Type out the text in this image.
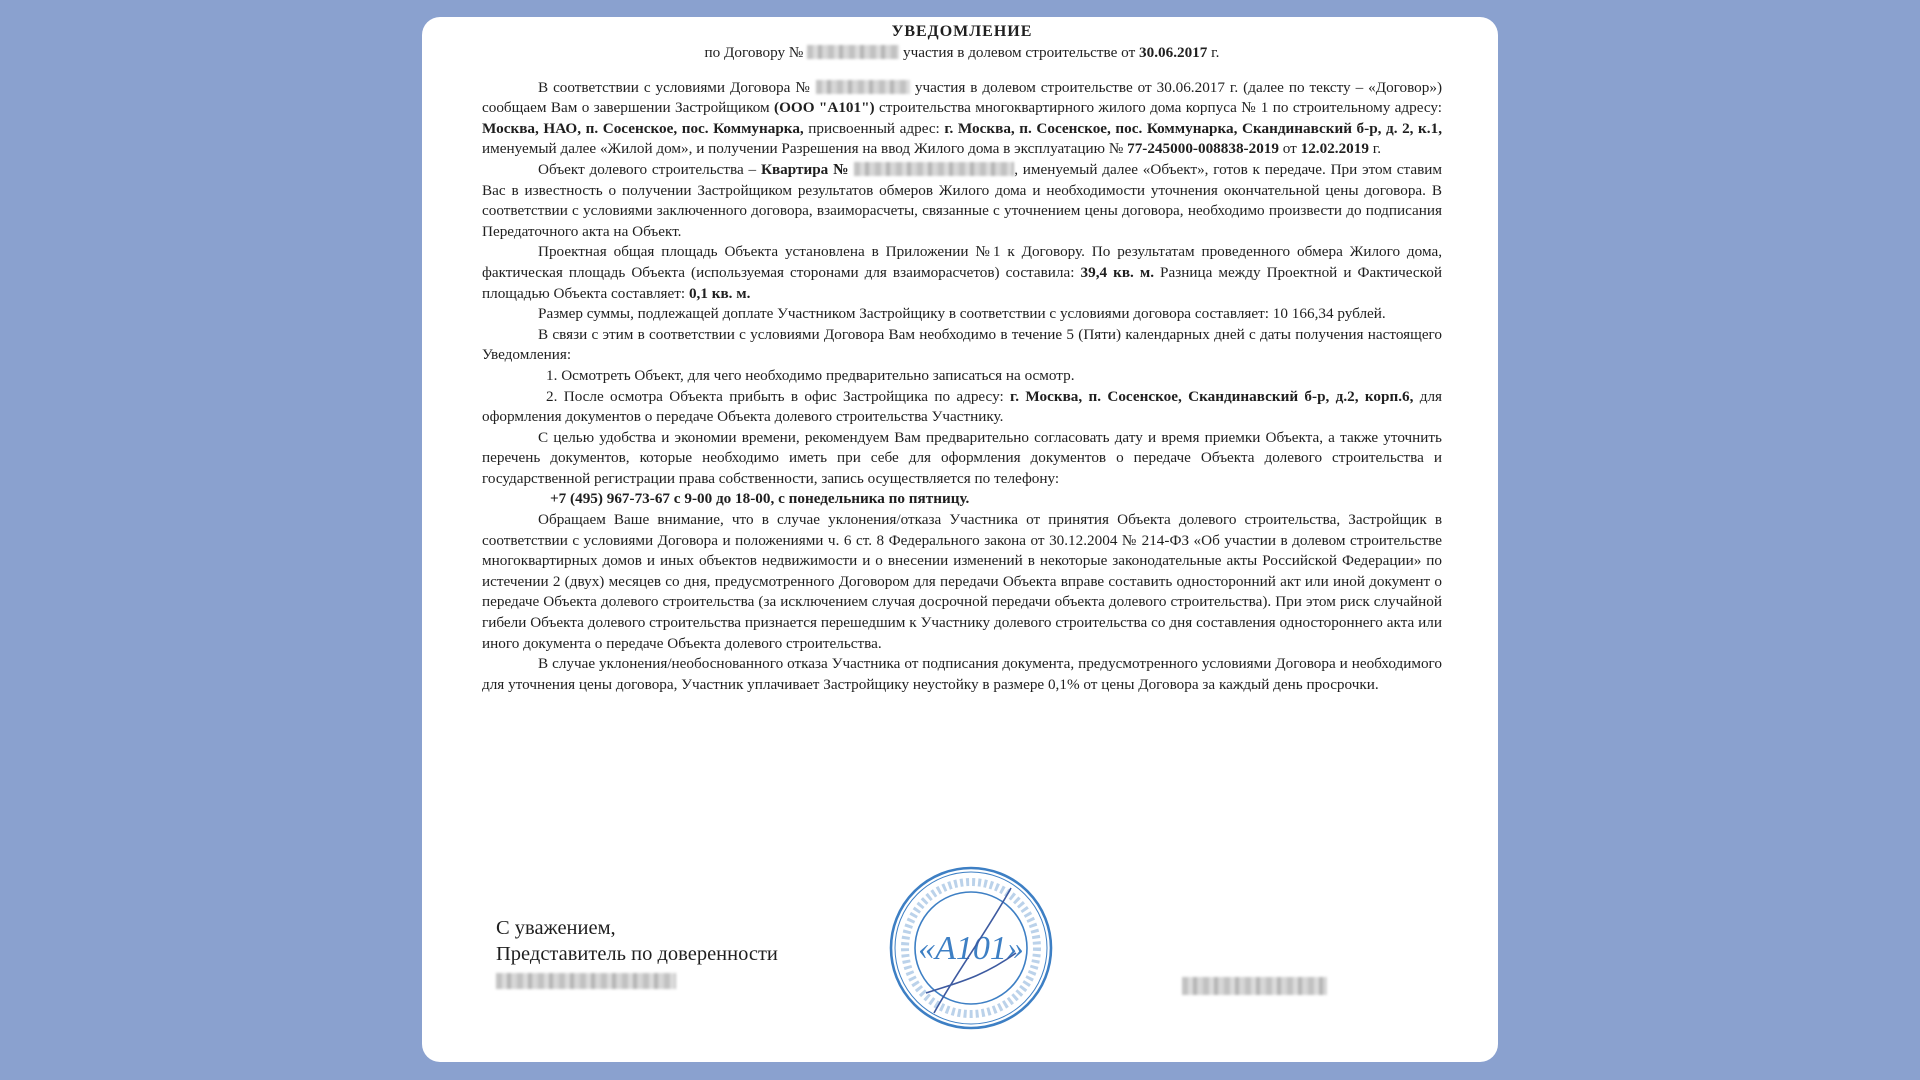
УВЕДОМЛЕНИЕ

по Договору №	участия в долевом строительстве от 30.06.2017 г.

В соответствии с условиями Договора №	участия в долевом строительстве от 30.06.2017 г. (далее по тексту – «Договор») сообщаем Вам о завершении Застройщиком (ООО "А101") строительства многоквартирного жилого дома корпуса № 1 по строительному адресу: Москва, НАО, п. Сосенское, пос. Коммунарка, присвоенный адрес: г. Москва, п. Сосенское, пос. Коммунарка, Скандинавский б-р, д. 2, к.1, именуемый далее «Жилой дом», и получении Разрешения на ввод Жилого дома в эксплуатацию № 77-245000-008838-2019 от 12.02.2019 г.

Объект долевого строительства – Квартира №	, именуемый далее «Объект», готов к передаче. При этом ставим Вас в известность о получении Застройщиком результатов обмеров Жилого дома и необходимости уточнения окончательной цены договора. В соответствии с условиями заключенного договора, взаиморасчеты, связанные с уточнением цены договора, необходимо произвести до подписания Передаточного акта на Объект.

Проектная общая площадь Объекта установлена в Приложении №1 к Договору. По результатам проведенного обмера Жилого дома, фактическая площадь Объекта (используемая сторонами для взаиморасчетов) составила: 39,4 кв. м. Разница между Проектной и Фактической площадью Объекта составляет: 0,1 кв. м.

Размер суммы, подлежащей доплате Участником Застройщику в соответствии с условиями договора составляет: 10 166,34 рублей.

В связи с этим в соответствии с условиями Договора Вам необходимо в течение 5 (Пяти) календарных дней с даты получения настоящего Уведомления:

1. Осмотреть Объект, для чего необходимо предварительно записаться на осмотр.

2. После осмотра Объекта прибыть в офис Застройщика по адресу: г. Москва, п. Сосенское, Скандинавский б-р, д.2, корп.6, для оформления документов о передаче Объекта долевого строительства Участнику.

С целью удобства и экономии времени, рекомендуем Вам предварительно согласовать дату и время приемки Объекта, а также уточнить перечень документов, которые необходимо иметь при себе для оформления документов о передаче Объекта долевого строительства и государственной регистрации права собственности, запись осуществляется по телефону:

+7 (495) 967-73-67 с 9-00 до 18-00, с понедельника по пятницу.

Обращаем Ваше внимание, что в случае уклонения/отказа Участника от принятия Объекта долевого строительства, Застройщик в соответствии с условиями Договора и положениями ч. 6 ст. 8 Федерального закона от 30.12.2004 № 214-ФЗ «Об участии в долевом строительстве многоквартирных домов и иных объектов недвижимости и о внесении изменений в некоторые законодательные акты Российской Федерации» по истечении 2 (двух) месяцев со дня, предусмотренного Договором для передачи Объекта вправе составить односторонний акт или иной документ о передаче Объекта долевого строительства (за исключением случая досрочной передачи объекта долевого строительства). При этом риск случайной гибели Объекта долевого строительства признается перешедшим к Участнику долевого строительства со дня составления одностороннего акта или иного документа о передаче Объекта долевого строительства.

В случае уклонения/необоснованного отказа Участника от подписания документа, предусмотренного условиями Договора и необходимого для уточнения цены договора, Участник уплачивает Застройщику неустойку в размере 0,1% от цены Договора за каждый день просрочки.

С уважением,
Представитель по доверенности	«А101»
